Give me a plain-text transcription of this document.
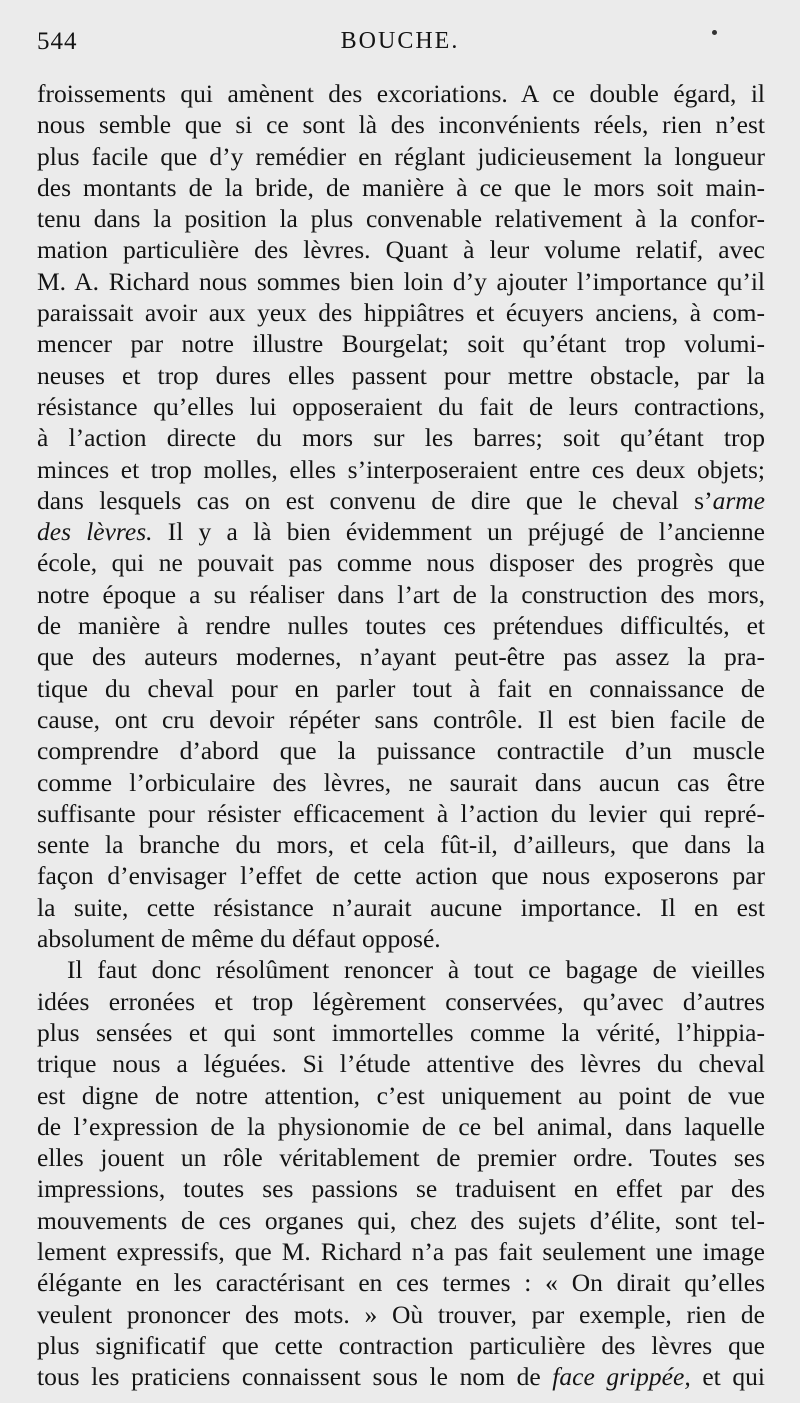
544	BOUCHE.
froissements qui amènent des excoriations. A ce double égard, il
nous semble que si ce sont là des inconvénients réels, rien n’est
plus facile que d’y remédier en réglant judicieusement la longueur
des montants de la bride, de manière à ce que le mors soit main-
tenu dans la position la plus convenable relativement à la confor-
mation particulière des lèvres. Quant à leur volume relatif, avec
M. A. Richard nous sommes bien loin d’y ajouter l’importance qu’il
paraissait avoir aux yeux des hippiâtres et écuyers anciens, à com-
mencer par notre illustre Bourgelat; soit qu’étant trop volumi-
neuses et trop dures elles passent pour mettre obstacle, par la
résistance qu’elles lui opposeraient du fait de leurs contractions,
à l’action directe du mors sur les barres; soit qu’étant trop
minces et trop molles, elles s’interposeraient entre ces deux objets;
dans lesquels cas on est convenu de dire que le cheval s’arme
des lèvres. Il y a là bien évidemment un préjugé de l’ancienne
école, qui ne pouvait pas comme nous disposer des progrès que
notre époque a su réaliser dans l’art de la construction des mors,
de manière à rendre nulles toutes ces prétendues difficultés, et
que des auteurs modernes, n’ayant peut-être pas assez la pra-
tique du cheval pour en parler tout à fait en connaissance de
cause, ont cru devoir répéter sans contrôle. Il est bien facile de
comprendre d’abord que la puissance contractile d’un muscle
comme l’orbiculaire des lèvres, ne saurait dans aucun cas être
suffisante pour résister efficacement à l’action du levier qui repré-
sente la branche du mors, et cela fût-il, d’ailleurs, que dans la
façon d’envisager l’effet de cette action que nous exposerons par
la suite, cette résistance n’aurait aucune importance. Il en est
absolument de même du défaut opposé.
Il faut donc résolûment renoncer à tout ce bagage de vieilles
idées erronées et trop légèrement conservées, qu’avec d’autres
plus sensées et qui sont immortelles comme la vérité, l’hippia-
trique nous a léguées. Si l’étude attentive des lèvres du cheval
est digne de notre attention, c’est uniquement au point de vue
de l’expression de la physionomie de ce bel animal, dans laquelle
elles jouent un rôle véritablement de premier ordre. Toutes ses
impressions, toutes ses passions se traduisent en effet par des
mouvements de ces organes qui, chez des sujets d’élite, sont tel-
lement expressifs, que M. Richard n’a pas fait seulement une image
élégante en les caractérisant en ces termes : « On dirait qu’elles
veulent prononcer des mots. » Où trouver, par exemple, rien de
plus significatif que cette contraction particulière des lèvres que
tous les praticiens connaissent sous le nom de face grippée, et qui
